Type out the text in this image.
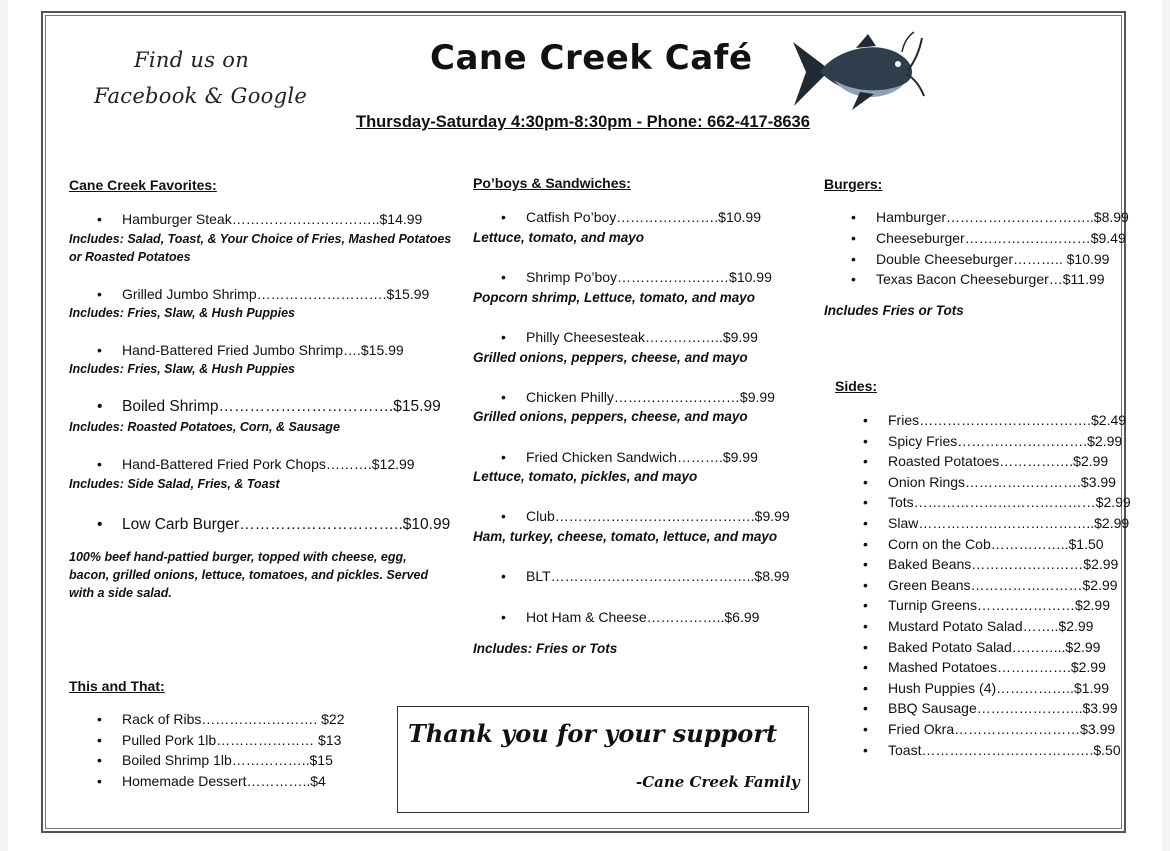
Find us on
Facebook & Google
Cane Creek Café
Thursday-Saturday 4:30pm-8:30pm - Phone: 662-417-8636
Cane Creek Favorites:
• Hamburger Steak…………………………..$14.99
Includes: Salad, Toast, & Your Choice of Fries, Mashed Potatoes or Roasted Potatoes
• Grilled Jumbo Shrimp……………………….$15.99
Includes: Fries, Slaw, & Hush Puppies
• Hand-Battered Fried Jumbo Shrimp….$15.99
Includes: Fries, Slaw, & Hush Puppies
• Boiled Shrimp…………………………….$15.99
Includes: Roasted Potatoes, Corn, & Sausage
• Hand-Battered Fried Pork Chops……….$12.99
Includes: Side Salad, Fries, & Toast
• Low Carb Burger…………………………..$10.99
100% beef hand-pattied burger, topped with cheese, egg, bacon, grilled onions, lettuce, tomatoes, and pickles. Served with a side salad.
This and That:
• Rack of Ribs……………………. $22
• Pulled Pork 1lb………………… $13
• Boiled Shrimp 1lb……………..$15
• Homemade Dessert…………..$4
Po’boys & Sandwiches:
• Catfish Po’boy………………….$10.99
Lettuce, tomato, and mayo
• Shrimp Po’boy……………………$10.99
Popcorn shrimp, Lettuce, tomato, and mayo
• Philly Cheesesteak……………..$9.99
Grilled onions, peppers, cheese, and mayo
• Chicken Philly………………………$9.99
Grilled onions, peppers, cheese, and mayo
• Fried Chicken Sandwich……….$9.99
Lettuce, tomato, pickles, and mayo
• Club…………………………………….$9.99
Ham, turkey, cheese, tomato, lettuce, and mayo
• BLT……………………………………..$8.99
• Hot Ham & Cheese……………..$6.99
Includes: Fries or Tots
Burgers:
• Hamburger…………………………..$8.99
• Cheeseburger………………………$9.49
• Double Cheeseburger……….. $10.99
• Texas Bacon Cheeseburger…$11.99
Includes Fries or Tots
Sides:
• Fries……………………………….$2.49
• Spicy Fries……………………….$2.99
• Roasted Potatoes…………….$2.99
• Onion Rings…………………….$3.99
• Tots…………………………………$2.99
• Slaw………………………………..$2.99
• Corn on the Cob……………..$1.50
• Baked Beans……………………$2.99
• Green Beans……………………$2.99
• Turnip Greens…………………$2.99
• Mustard Potato Salad……..$2.99
• Baked Potato Salad………...$2.99
• Mashed Potatoes…………….$2.99
• Hush Puppies (4)……………..$1.99
• BBQ Sausage…………………..$3.99
• Fried Okra………………………$3.99
• Toast……………………………….$.50
Thank you for your support
-Cane Creek Family
